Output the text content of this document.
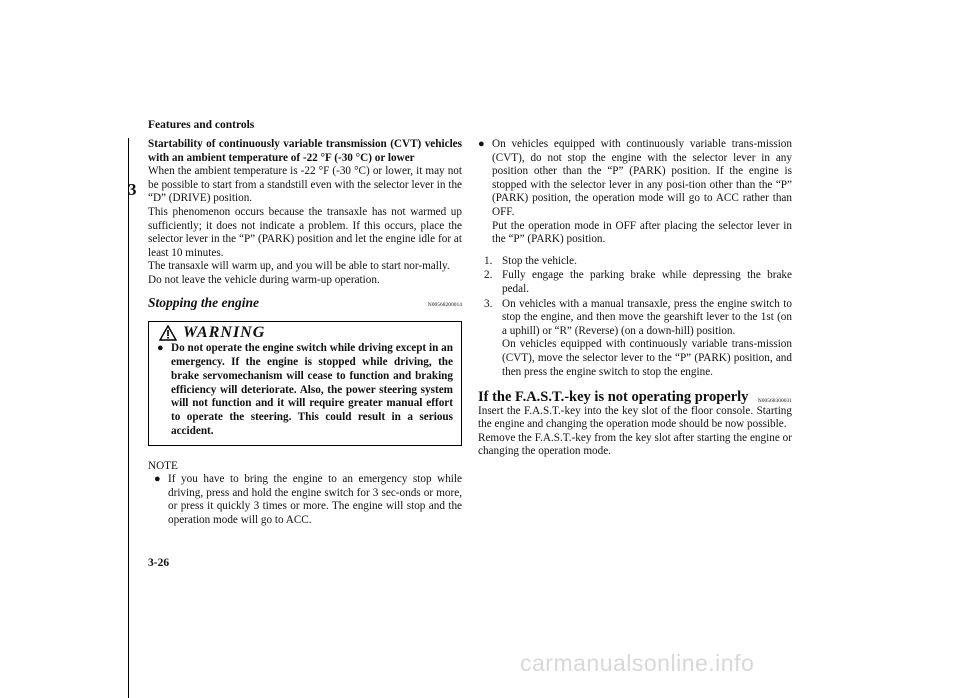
3
Features and controls
3-26

Startability of continuously variable transmission (CVT) vehicles with an ambient temperature of -22 °F (-30 °C) or lower

When the ambient temperature is -22 °F (-30 °C) or lower, it may not be possible to start from a standstill even with the selector lever in the “D” (DRIVE) position.

This phenomenon occurs because the transaxle has not warmed up sufficiently; it does not indicate a problem. If this occurs, place the selector lever in the “P” (PARK) position and let the engine idle for at least 10 minutes.

The transaxle will warm up, and you will be able to start nor-mally.

Do not leave the vehicle during warm-up operation.

Stopping the engine	N00568200014
WARNING
● Do not operate the engine switch while driving except in an emergency. If the engine is stopped while driving, the brake servomechanism will cease to function and braking efficiency will deteriorate. Also, the power steering system will not function and it will require greater manual effort to operate the steering. This could result in a serious accident.

NOTE

● If you have to bring the engine to an emergency stop while driving, press and hold the engine switch for 3 sec-onds or more, or press it quickly 3 times or more. The engine will stop and the operation mode will go to ACC.
● On vehicles equipped with continuously variable trans-mission (CVT), do not stop the engine with the selector lever in any position other than the “P” (PARK) position. If the engine is stopped with the selector lever in any posi-tion other than the “P” (PARK) position, the operation mode will go to ACC rather than OFF.

Put the operation mode in OFF after placing the selector lever in the “P” (PARK) position.

1. Stop the vehicle.
2. Fully engage the parking brake while depressing the brake pedal.
3. On vehicles with a manual transaxle, press the engine switch to stop the engine, and then move the gearshift lever to the 1st (on a uphill) or “R” (Reverse) (on a down-hill) position.

On vehicles equipped with continuously variable trans-mission (CVT), move the selector lever to the “P” (PARK) position, and then press the engine switch to stop the engine.

If the F.A.S.T.-key is not operating properly N00568300031

Insert the F.A.S.T.-key into the key slot of the floor console. Starting the engine and changing the operation mode should be now possible.

Remove the F.A.S.T.-key from the key slot after starting the engine or changing the operation mode.

carmanualsonline.info
